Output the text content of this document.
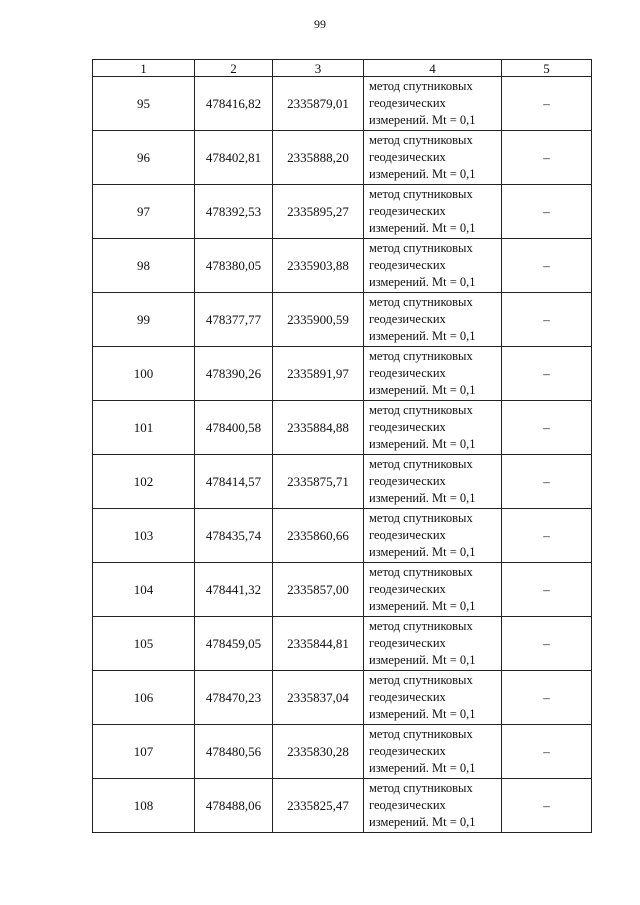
99
1	2	3	4	5
95	478416,82	2335879,01	метод спутниковых
геодезических
измерений. Mt = 0,1	–
96	478402,81	2335888,20	метод спутниковых
геодезических
измерений. Mt = 0,1	–
97	478392,53	2335895,27	метод спутниковых
геодезических
измерений. Mt = 0,1	–
98	478380,05	2335903,88	метод спутниковых
геодезических
измерений. Mt = 0,1	–
99	478377,77	2335900,59	метод спутниковых
геодезических
измерений. Mt = 0,1	–
100	478390,26	2335891,97	метод спутниковых
геодезических
измерений. Mt = 0,1	–
101	478400,58	2335884,88	метод спутниковых
геодезических
измерений. Mt = 0,1	–
102	478414,57	2335875,71	метод спутниковых
геодезических
измерений. Mt = 0,1	–
103	478435,74	2335860,66	метод спутниковых
геодезических
измерений. Mt = 0,1	–
104	478441,32	2335857,00	метод спутниковых
геодезических
измерений. Mt = 0,1	–
105	478459,05	2335844,81	метод спутниковых
геодезических
измерений. Mt = 0,1	–
106	478470,23	2335837,04	метод спутниковых
геодезических
измерений. Mt = 0,1	–
107	478480,56	2335830,28	метод спутниковых
геодезических
измерений. Mt = 0,1	–
108	478488,06	2335825,47	метод спутниковых
геодезических
измерений. Mt = 0,1	–
